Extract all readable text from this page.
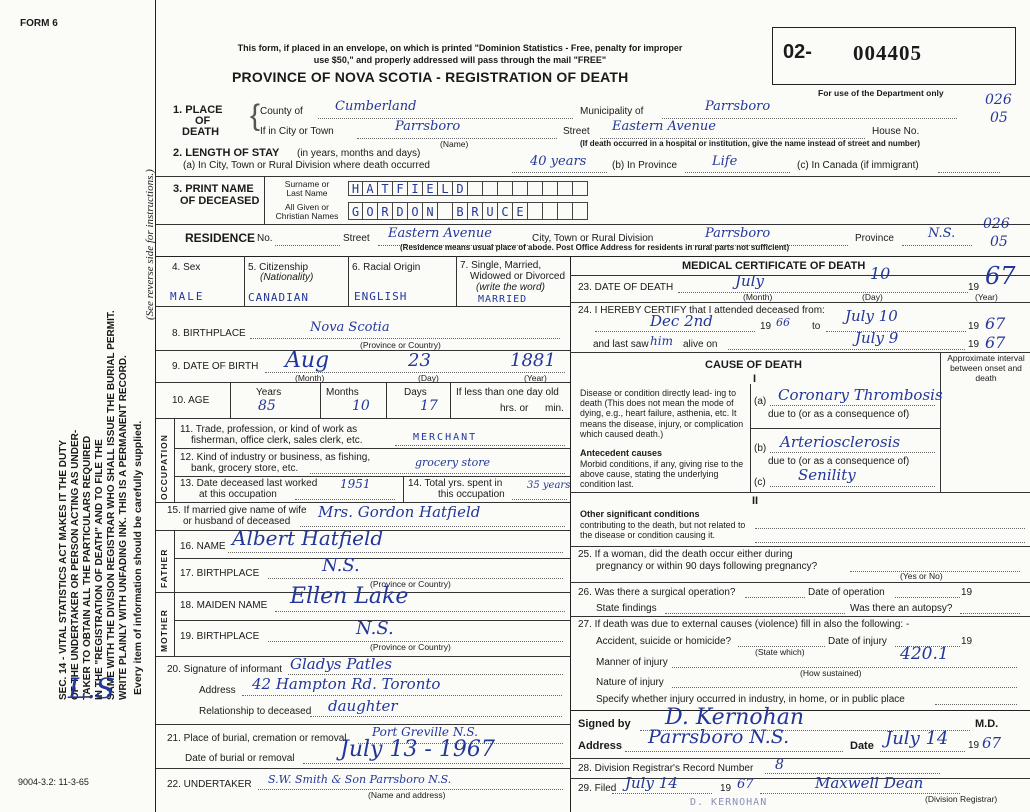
FORM 6
SEC. 14 - VITAL STATISTICS ACT MAKES IT THE DUTY OF THE UNDERTAKER OR PERSON ACTING AS UNDER- TAKER TO OBTAIN ALL THE PARTICULARS REQUIRED IN THE "REGISTRATION OF DEATH" AND TO FILE THE SAME WITH THE DIVISION REGISTRAR WHO SHALL ISSUE THE BURIAL PERMIT. WRITE PLAINLY WITH UNFADING INK. THIS IS A PERMANENT RECORD. Every item of information should be carefully supplied.
(See reverse side for instructions.)
L.S
9004-3.2: 11-3-65
This form, if placed in an envelope, on which is printed "Dominion Statistics - Free, penalty for improper
use $50," and properly addressed will pass through the mail "FREE"
PROVINCE OF NOVA SCOTIA - REGISTRATION OF DEATH
02- 004405
For use of the Department only	026
05
1. PLACE
OF
DEATH { County of Cumberland	Municipality of	Parrsboro
If in City or Town	Parrsboro
(Name)
Street Eastern Avenue	House No.
(If death occurred in a hospital or institution, give the name instead of street and number)
2. LENGTH OF STAY (in years, months and days)
(a) In City, Town or Rural Division where death occurred	40 years	(b) In Province	Life	(c) In Canada (if immigrant)
3. PRINT NAME
OF DECEASED
Surname or
Last Name
All Given or
Christian Names
H A T F I E L D
G O R D O N	B R U C E
RESIDENCE No.	Street Eastern Avenue	City, Town or Rural Division	Parrsboro	Province	N.S.
026
05
(Residence means usual place of abode. Post Office Address for residents in rural parts not sufficient)
4. Sex
MALE
5. Citizenship
(Nationality)
CANADIAN
6. Racial Origin
ENGLISH
7. Single, Married,
Widowed or Divorced
(write the word)
MARRIED
8. BIRTHPLACE	Nova Scotia
(Province or Country)
9. DATE OF BIRTH Aug	23	1881
(Month)	(Day)	(Year)
10. AGE
Years
85
Months
10
Days
17
If less than one day old
hrs. or min.
OCCUPATION
11. Trade, profession, or kind of work as
fisherman, office clerk, sales clerk, etc.	MERCHANT
12. Kind of industry or business, as fishing,
bank, grocery store, etc.	grocery store
13. Date deceased last worked
at this occupation
1951	14. Total yrs. spent in
this occupation
35 years
15. If married give name of wife
or husband of deceased
Mrs. Gordon Hatfield
FATHER
16. NAME Albert Hatfield
17. BIRTHPLACE	N.S.
(Province or Country)
MOTHER
18. MAIDEN NAME Ellen Lake
19. BIRTHPLACE	N.S.
(Province or Country)
20. Signature of informant Gladys Patles
Address 42 Hampton Rd. Toronto
Relationship to deceased daughter
21. Place of burial, cremation or removal Port Greville N.S.
Date of burial or removal July 13 - 1967
22. UNDERTAKER S.W. Smith & Son Parrsboro N.S.
(Name and address)
MEDICAL CERTIFICATE OF DEATH
23. DATE OF DEATH	July	10
19 67
(Month)	(Day)	(Year)
24. I HEREBY CERTIFY that I attended deceased from:
Dec 2nd	19 66 to
July 10
19 67
and last saw him alive on	July 9	19 67
CAUSE OF DEATH
Approximate interval between onset and death
I
Disease or condition directly lead- ing to death (This does not mean the mode of dying, e.g., heart failure, asthenia, etc. It means the disease, injury, or complication which caused death.)
(a) Coronary Thrombosis
due to (or as a consequence of)
Antecedent causes
Morbid conditions, if any, giving rise to the above cause, stating the underlying condition last.
(b) Arteriosclerosis
due to (or as a consequence of)
(c) Senility
II
Other significant conditions
contributing to the death, but not related to the disease or condition causing it.
25. If a woman, did the death occur either during
pregnancy or within 90 days following pregnancy?
(Yes or No)
26. Was there a surgical operation?	Date of operation	19
State findings	Was there an autopsy?
27. If death was due to external causes (violence) fill in also the following: -
Accident, suicide or homicide?	Date of injury	19
(State which)
Manner of injury	420.1
(How sustained)
Nature of injury
Specify whether injury occurred in industry, in home, or in public place
Signed by D. Kernohan	M.D.
Address Parrsboro N.S.	Date July 14 19 67
28. Division Registrar's Record Number 8
29. Filed July 14	19 67	Maxwell Dean
(Division Registrar)
D. KERNOHAN
